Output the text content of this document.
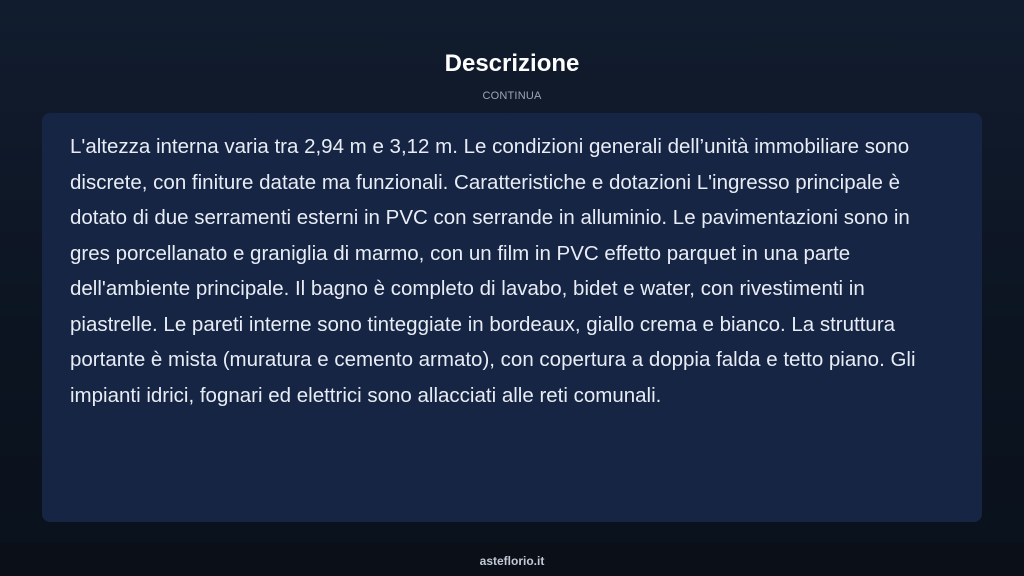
Descrizione
CONTINUA

L'altezza interna varia tra 2,94 m e 3,12 m. Le condizioni generali dell’unità immobiliare sono discrete, con finiture datate ma funzionali. Caratteristiche e dotazioni L'ingresso principale è dotato di due serramenti esterni in PVC con serrande in alluminio. Le pavimentazioni sono in gres porcellanato e graniglia di marmo, con un film in PVC effetto parquet in una parte dell'ambiente principale. Il bagno è completo di lavabo, bidet e water, con rivestimenti in piastrelle. Le pareti interne sono tinteggiate in bordeaux, giallo crema e bianco. La struttura portante è mista (muratura e cemento armato), con copertura a doppia falda e tetto piano. Gli impianti idrici, fognari ed elettrici sono allacciati alle reti comunali.

asteflorio.it
